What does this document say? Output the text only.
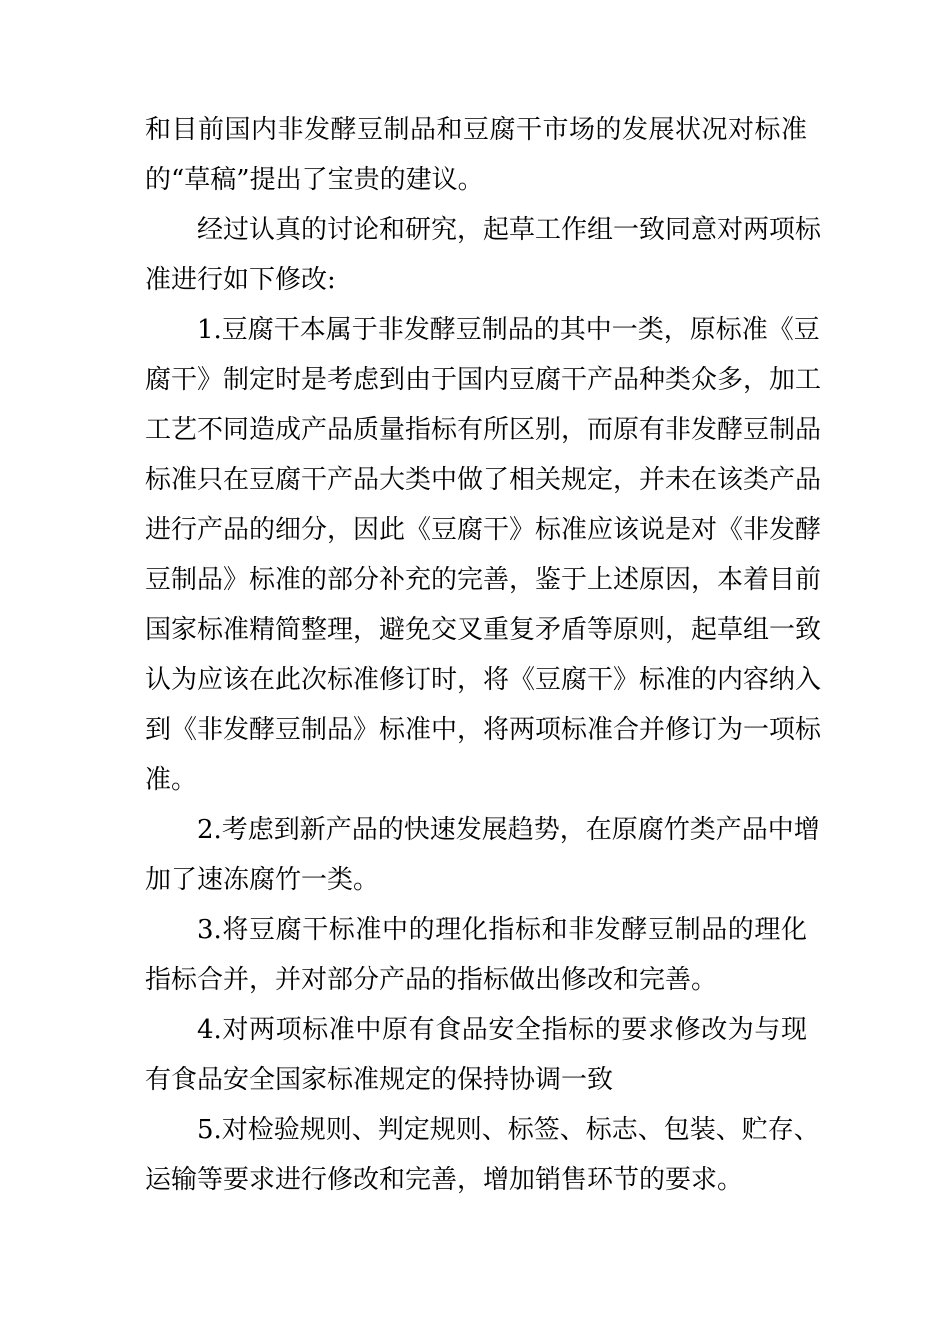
和目前国内非发酵豆制品和豆腐干市场的发展状况对标准
的“草稿”提出了宝贵的建议。
经过认真的讨论和研究，起草工作组一致同意对两项标
准进行如下修改:
1.豆腐干本属于非发酵豆制品的其中一类，原标准《豆
腐干》制定时是考虑到由于国内豆腐干产品种类众多，加工
工艺不同造成产品质量指标有所区别，而原有非发酵豆制品
标准只在豆腐干产品大类中做了相关规定，并未在该类产品
进行产品的细分，因此《豆腐干》标准应该说是对《非发酵
豆制品》标准的部分补充的完善，鉴于上述原因，本着目前
国家标准精简整理，避免交叉重复矛盾等原则，起草组一致
认为应该在此次标准修订时，将《豆腐干》标准的内容纳入
到《非发酵豆制品》标准中，将两项标准合并修订为一项标
准。
2.考虑到新产品的快速发展趋势，在原腐竹类产品中增
加了速冻腐竹一类。
3.将豆腐干标准中的理化指标和非发酵豆制品的理化
指标合并，并对部分产品的指标做出修改和完善。
4.对两项标准中原有食品安全指标的要求修改为与现
有食品安全国家标准规定的保持协调一致
5.对检验规则、判定规则、标签、标志、包装、贮存、
运输等要求进行修改和完善，增加销售环节的要求。
